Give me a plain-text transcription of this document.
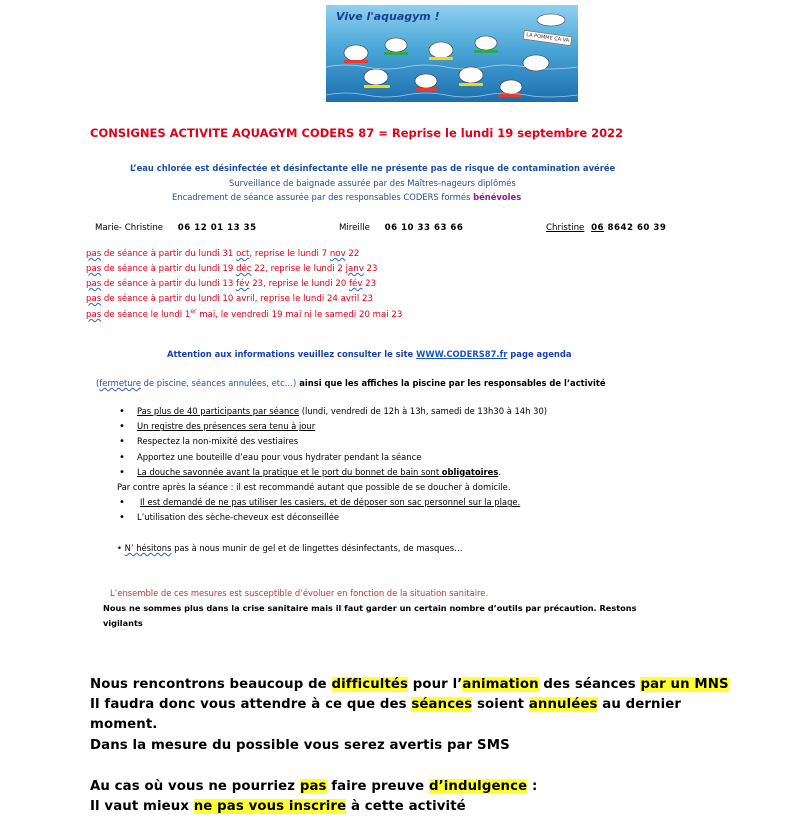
Vive l'aquagym !
LA POMME ÇA VA
CONSIGNES ACTIVITE AQUAGYM CODERS 87 = Reprise le lundi 19 septembre 2022
L’eau chlorée est désinfectée et désinfectante elle ne présente pas de risque de contamination avérée
Surveillance de baignade assurée par des Maîtres-nageurs diplômés
Encadrement de séance assurée par des responsables CODERS formés bénévoles
Marie- Christine 06 12 01 13 35	Mireille 06 10 33 63 66	Christine 06 8642 60 39
pas de séance à partir du lundi 31 oct, reprise le lundi 7 nov 22
pas de séance à partir du lundi 19 déc 22, reprise le lundi 2 janv 23
pas de séance à partir du lundi 13 fév 23, reprise le lundi 20 fév 23
pas de séance à partir du lundi 10 avril, reprise le lundi 24 avril 23
pas de séance le lundi 1er mai, le vendredi 19 mai ni le samedi 20 mai 23
Attention aux informations veuillez consulter le site WWW.CODERS87.fr page agenda
(fermeture de piscine, séances annulées, etc…) ainsi que les affiches la piscine par les responsables de l’activité
• Pas plus de 40 participants par séance (lundi, vendredi de 12h à 13h, samedi de 13h30 à 14h 30)
• Un registre des présences sera tenu à jour
• Respectez la non-mixité des vestiaires
• Apportez une bouteille d’eau pour vous hydrater pendant la séance
• La douche savonnée avant la pratique et le port du bonnet de bain sont obligatoires.
Par contre après la séance : il est recommandé autant que possible de se doucher à domicile.
• Il est demandé de ne pas utiliser les casiers, et de déposer son sac personnel sur la plage.
• L’utilisation des sèche-cheveux est déconseillée
• N’ hésitons pas à nous munir de gel et de lingettes désinfectants, de masques…
L’ensemble de ces mesures est susceptible d’évoluer en fonction de la situation sanitaire.
Nous ne sommes plus dans la crise sanitaire mais il faut garder un certain nombre d’outils par précaution. Restons
vigilants
Nous rencontrons beaucoup de difficultés pour l’animation des séances par un MNS
Il faudra donc vous attendre à ce que des séances soient annulées au dernier
moment.
Dans la mesure du possible vous serez avertis par SMS
Au cas où vous ne pourriez pas faire preuve d’indulgence :
Il vaut mieux ne pas vous inscrire à cette activité
